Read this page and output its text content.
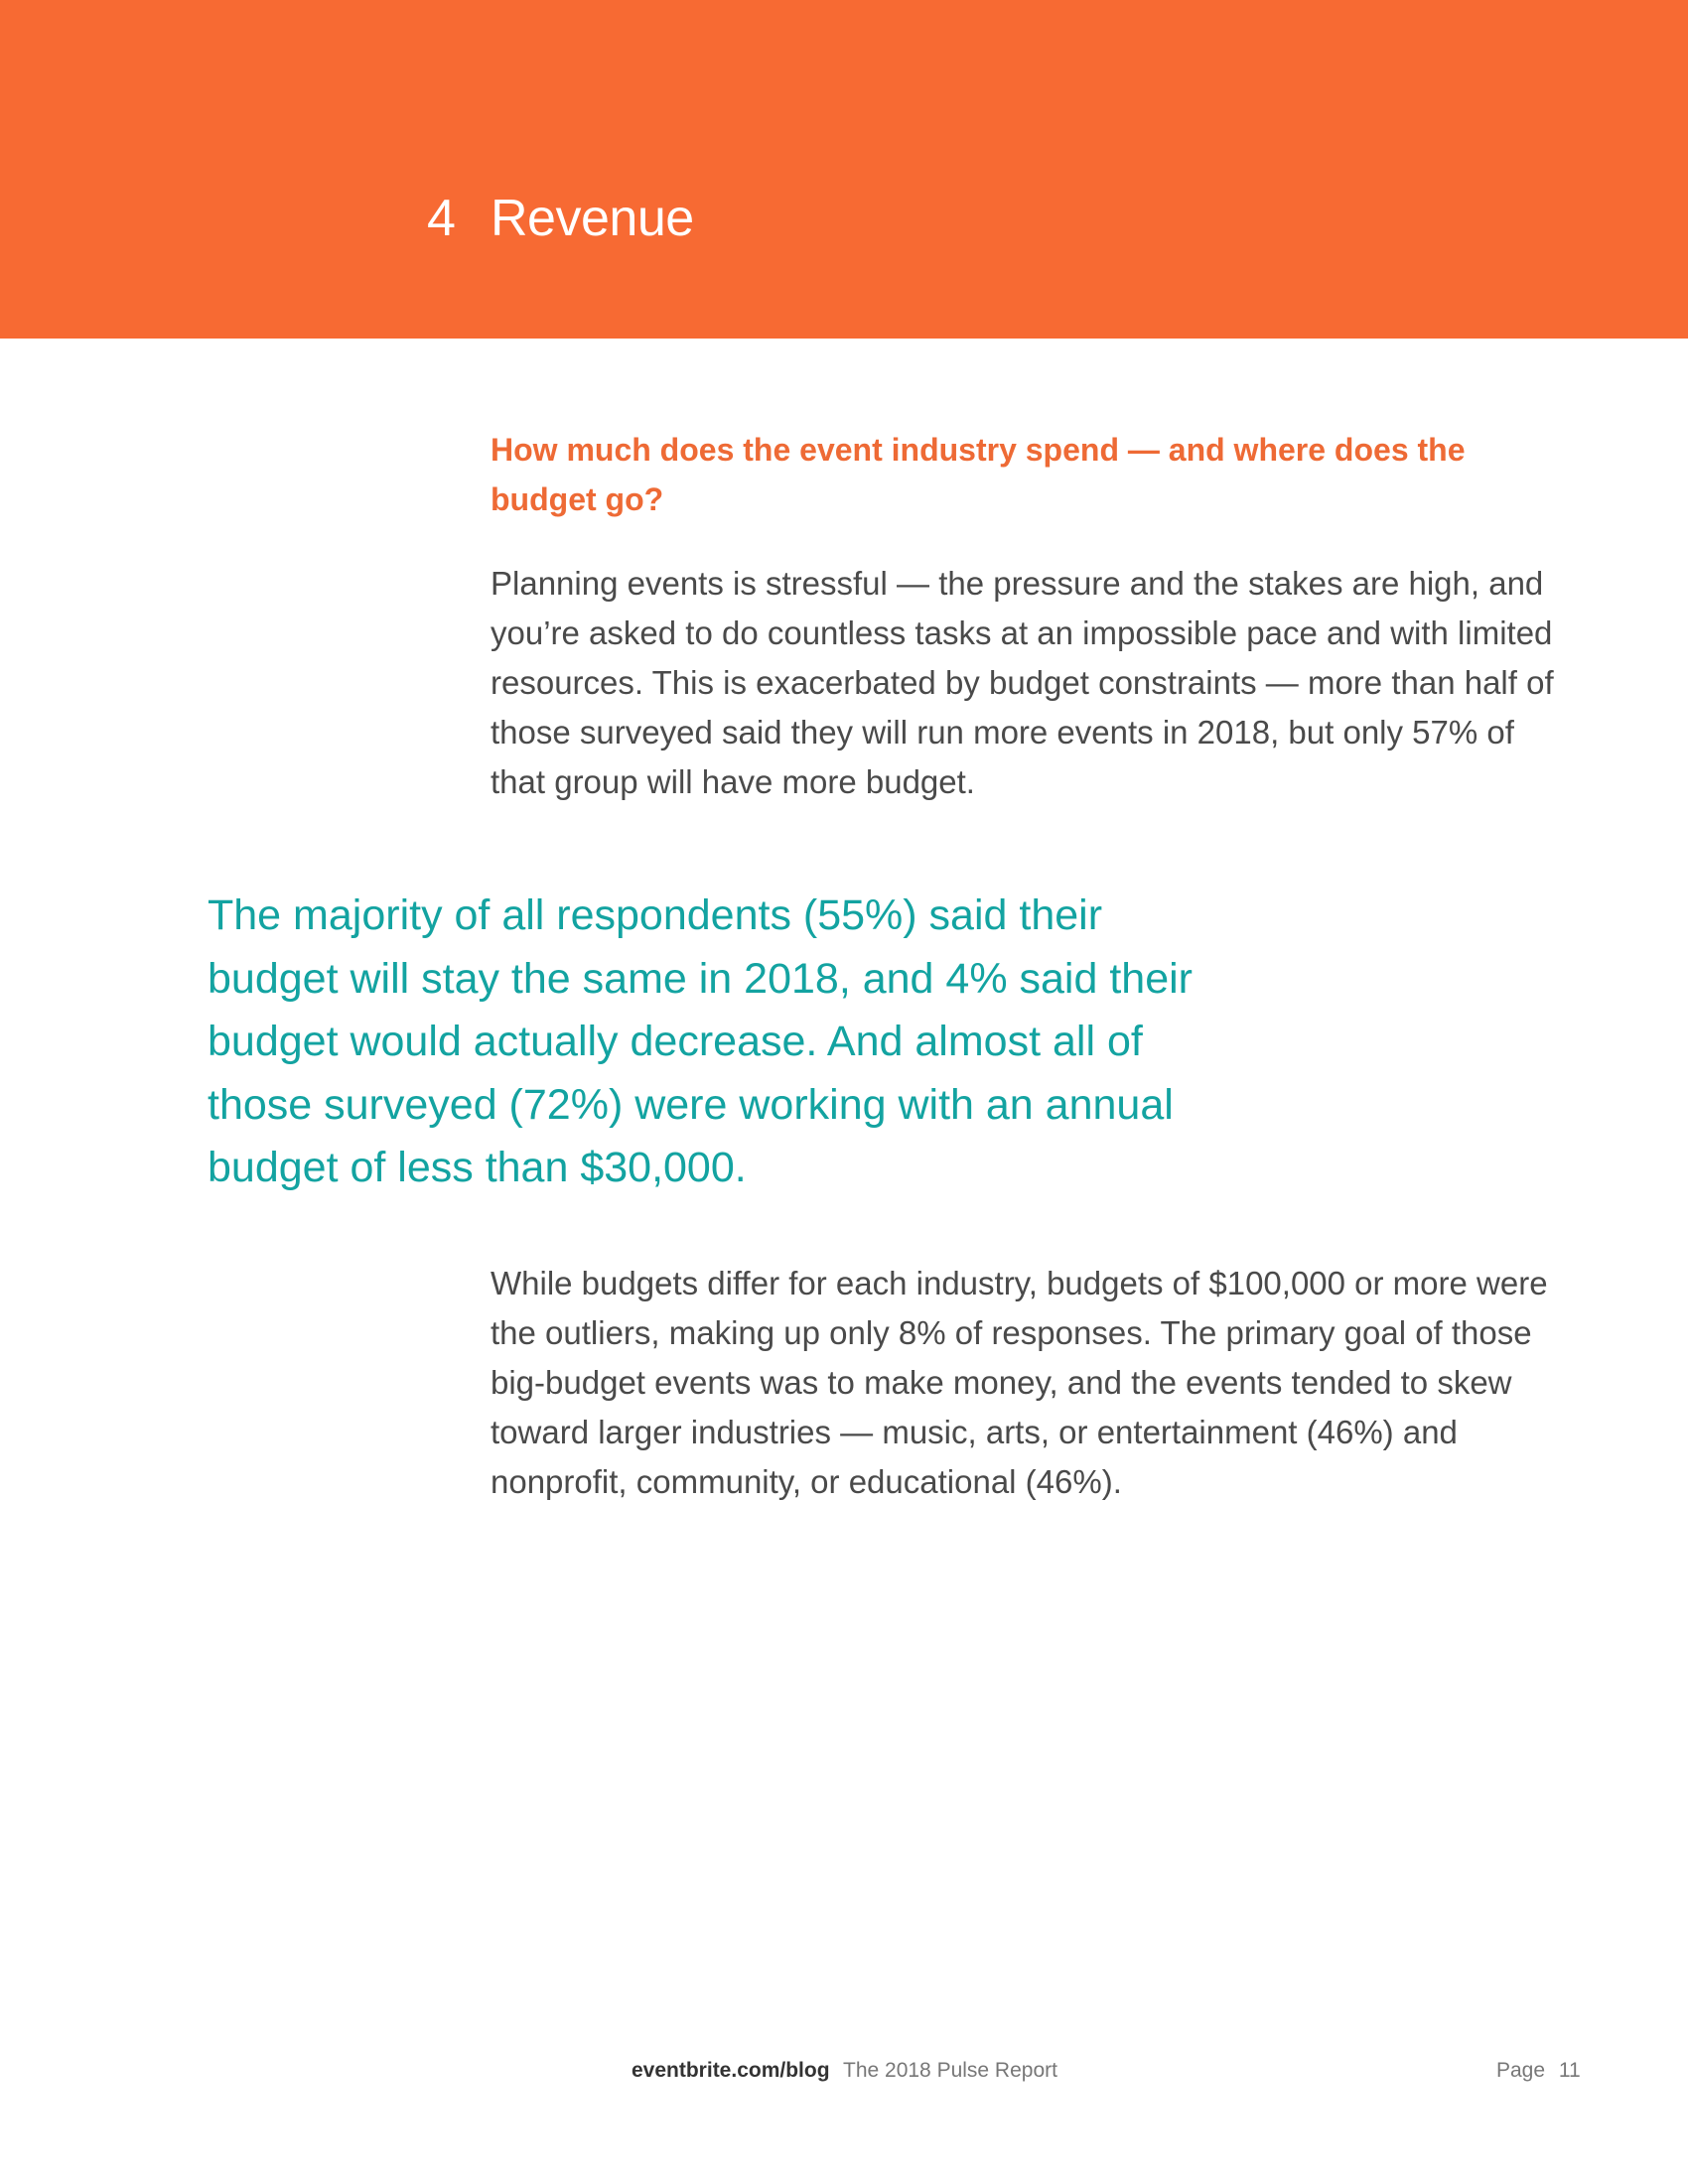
4 Revenue
How much does the event industry spend — and where does the budget go?
Planning events is stressful — the pressure and the stakes are high, and you’re asked to do countless tasks at an impossible pace and with limited resources. This is exacerbated by budget constraints — more than half of those surveyed said they will run more events in 2018, but only 57% of that group will have more budget.
The majority of all respondents (55%) said their budget will stay the same in 2018, and 4% said their budget would actually decrease. And almost all of those surveyed (72%) were working with an annual budget of less than $30,000.
While budgets differ for each industry, budgets of $100,000 or more were the outliers, making up only 8% of responses. The primary goal of those big-budget events was to make money, and the events tended to skew toward larger industries — music, arts, or entertainment (46%) and nonprofit, community, or educational (46%).
eventbrite.com/blog The 2018 Pulse Report	Page 11
